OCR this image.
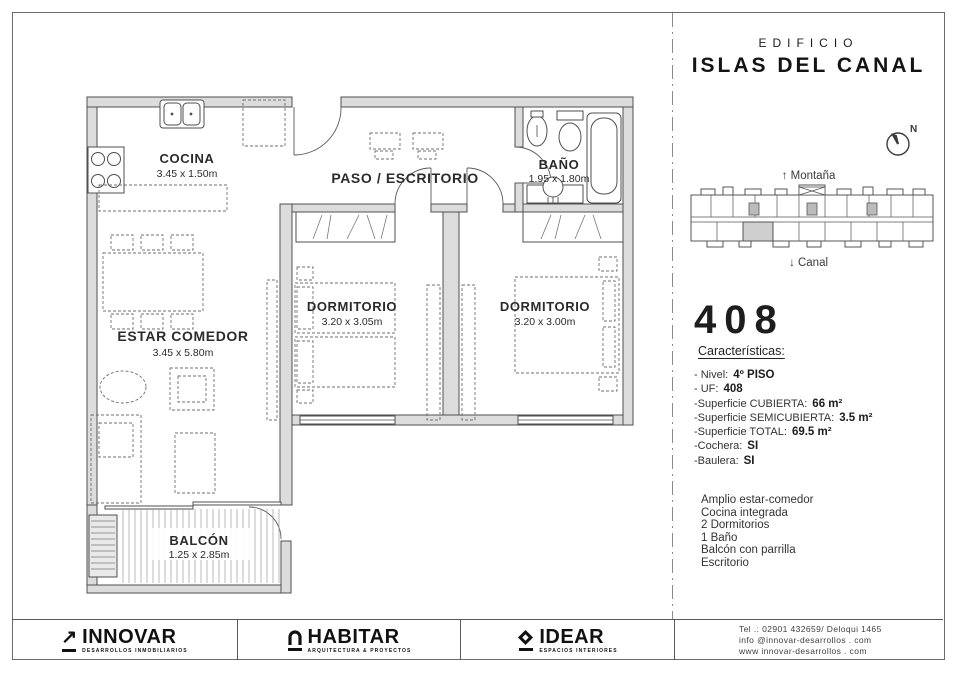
COCINA
3.45 x 1.50m	PASO / ESCRITORIO
BAÑO
1.95 x 1.80m
DORMITORIO
3.20 x 3.05m
DORMITORIO
3.20 x 3.00m
ESTAR COMEDOR
3.45 x 5.80m
BALCÓN
1.25 x 2.85m
EDIFICIO
ISLAS DEL CANAL
N
↑ Montaña
↓ Canal
408
Características:
- Nivel: 4º PISO
- UF: 408
-Superficie CUBIERTA: 66 m²
-Superficie SEMICUBIERTA: 3.5 m²
-Superficie TOTAL: 69.5 m²
-Cochera: SI
-Baulera: SI
Amplio estar-comedor
Cocina integrada
2 Dormitorios
1 Baño
Balcón con parrilla
Escritorio
↗ INNOVAR
DESARROLLOS INMOBILIARIOS
HABITAR
ARQUITECTURA & PROYECTOS
IDEAR
ESPACIOS INTERIORES
Tel .: 02901 432659/ Deloqui 1465
info @innovar-desarrollos . com
www innovar-desarrollos . com
